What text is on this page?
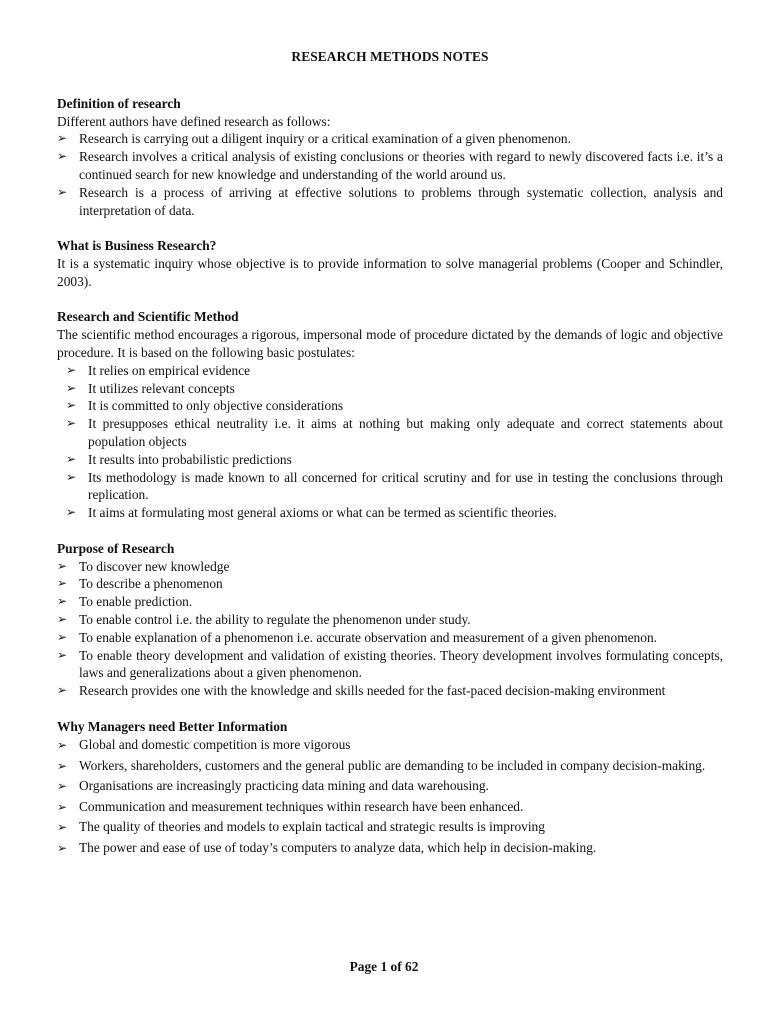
RESEARCH METHODS NOTES
Definition of research

Different authors have defined research as follows:

➢ Research is carrying out a diligent inquiry or a critical examination of a given phenomenon.
➢ Research involves a critical analysis of existing conclusions or theories with regard to newly discovered facts i.e. it’s a continued search for new knowledge and understanding of the world around us.
➢ Research is a process of arriving at effective solutions to problems through systematic collection, analysis and interpretation of data.
What is Business Research?

It is a systematic inquiry whose objective is to provide information to solve managerial problems (Cooper and Schindler, 2003).

Research and Scientific Method

The scientific method encourages a rigorous, impersonal mode of procedure dictated by the demands of logic and objective procedure. It is based on the following basic postulates:

➢ It relies on empirical evidence
➢ It utilizes relevant concepts
➢ It is committed to only objective considerations
➢ It presupposes ethical neutrality i.e. it aims at nothing but making only adequate and correct statements about population objects
➢ It results into probabilistic predictions
➢ Its methodology is made known to all concerned for critical scrutiny and for use in testing the conclusions through replication.
➢ It aims at formulating most general axioms or what can be termed as scientific theories.
Purpose of Research
➢ To discover new knowledge
➢ To describe a phenomenon
➢ To enable prediction.
➢ To enable control i.e. the ability to regulate the phenomenon under study.
➢ To enable explanation of a phenomenon i.e. accurate observation and measurement of a given phenomenon.
➢ To enable theory development and validation of existing theories. Theory development involves formulating concepts, laws and generalizations about a given phenomenon.
➢ Research provides one with the knowledge and skills needed for the fast-paced decision-making environment
Why Managers need Better Information
➢ Global and domestic competition is more vigorous
➢ Workers, shareholders, customers and the general public are demanding to be included in company decision-making.
➢ Organisations are increasingly practicing data mining and data warehousing.
➢ Communication and measurement techniques within research have been enhanced.
➢ The quality of theories and models to explain tactical and strategic results is improving
➢ The power and ease of use of today’s computers to analyze data, which help in decision-making.
Page 1 of 62
